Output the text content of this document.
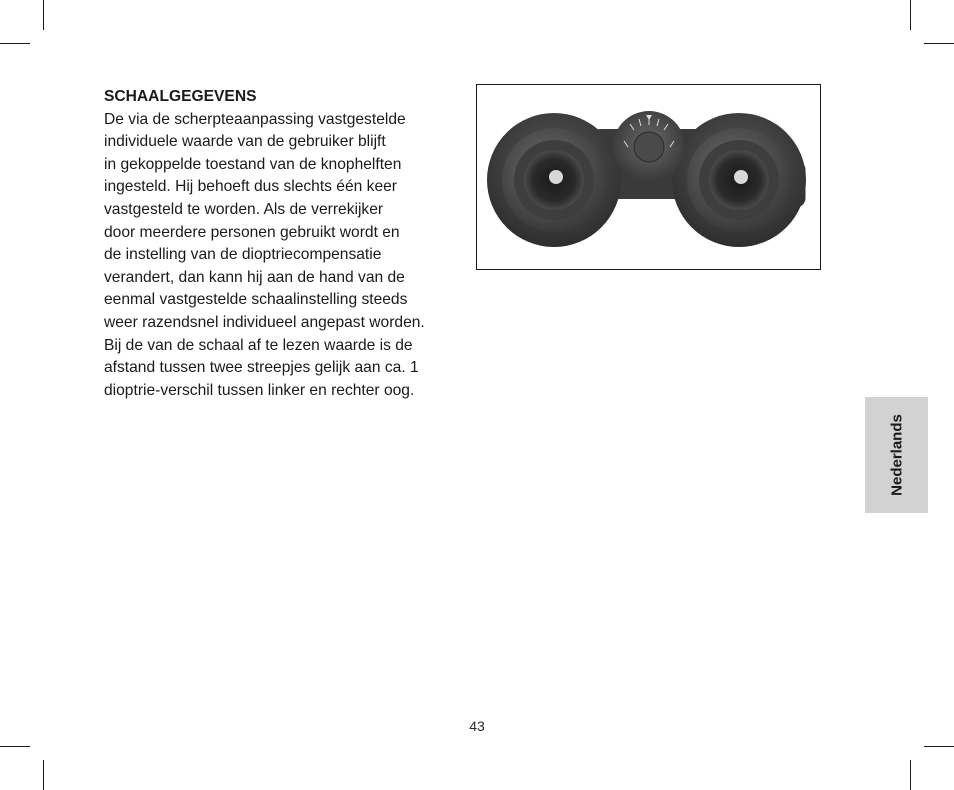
SCHAALGEGEVENS
De via de scherpteaanpassing vastgestelde
individuele waarde van de gebruiker blijft
in gekoppelde toestand van de knophelften
ingesteld. Hij behoeft dus slechts één keer
vastgesteld te worden. Als de verrekijker
door meerdere personen gebruikt wordt en
de instelling van de dioptriecompensatie
verandert, dan kann hij aan de hand van de
eenmal vastgestelde schaalinstelling steeds
weer razendsnel individueel angepast worden.
Bij de van de schaal af te lezen waarde is de
afstand tussen twee streepjes gelijk aan ca. 1
dioptrie-verschil tussen linker en rechter oog.
Nederlands
43
